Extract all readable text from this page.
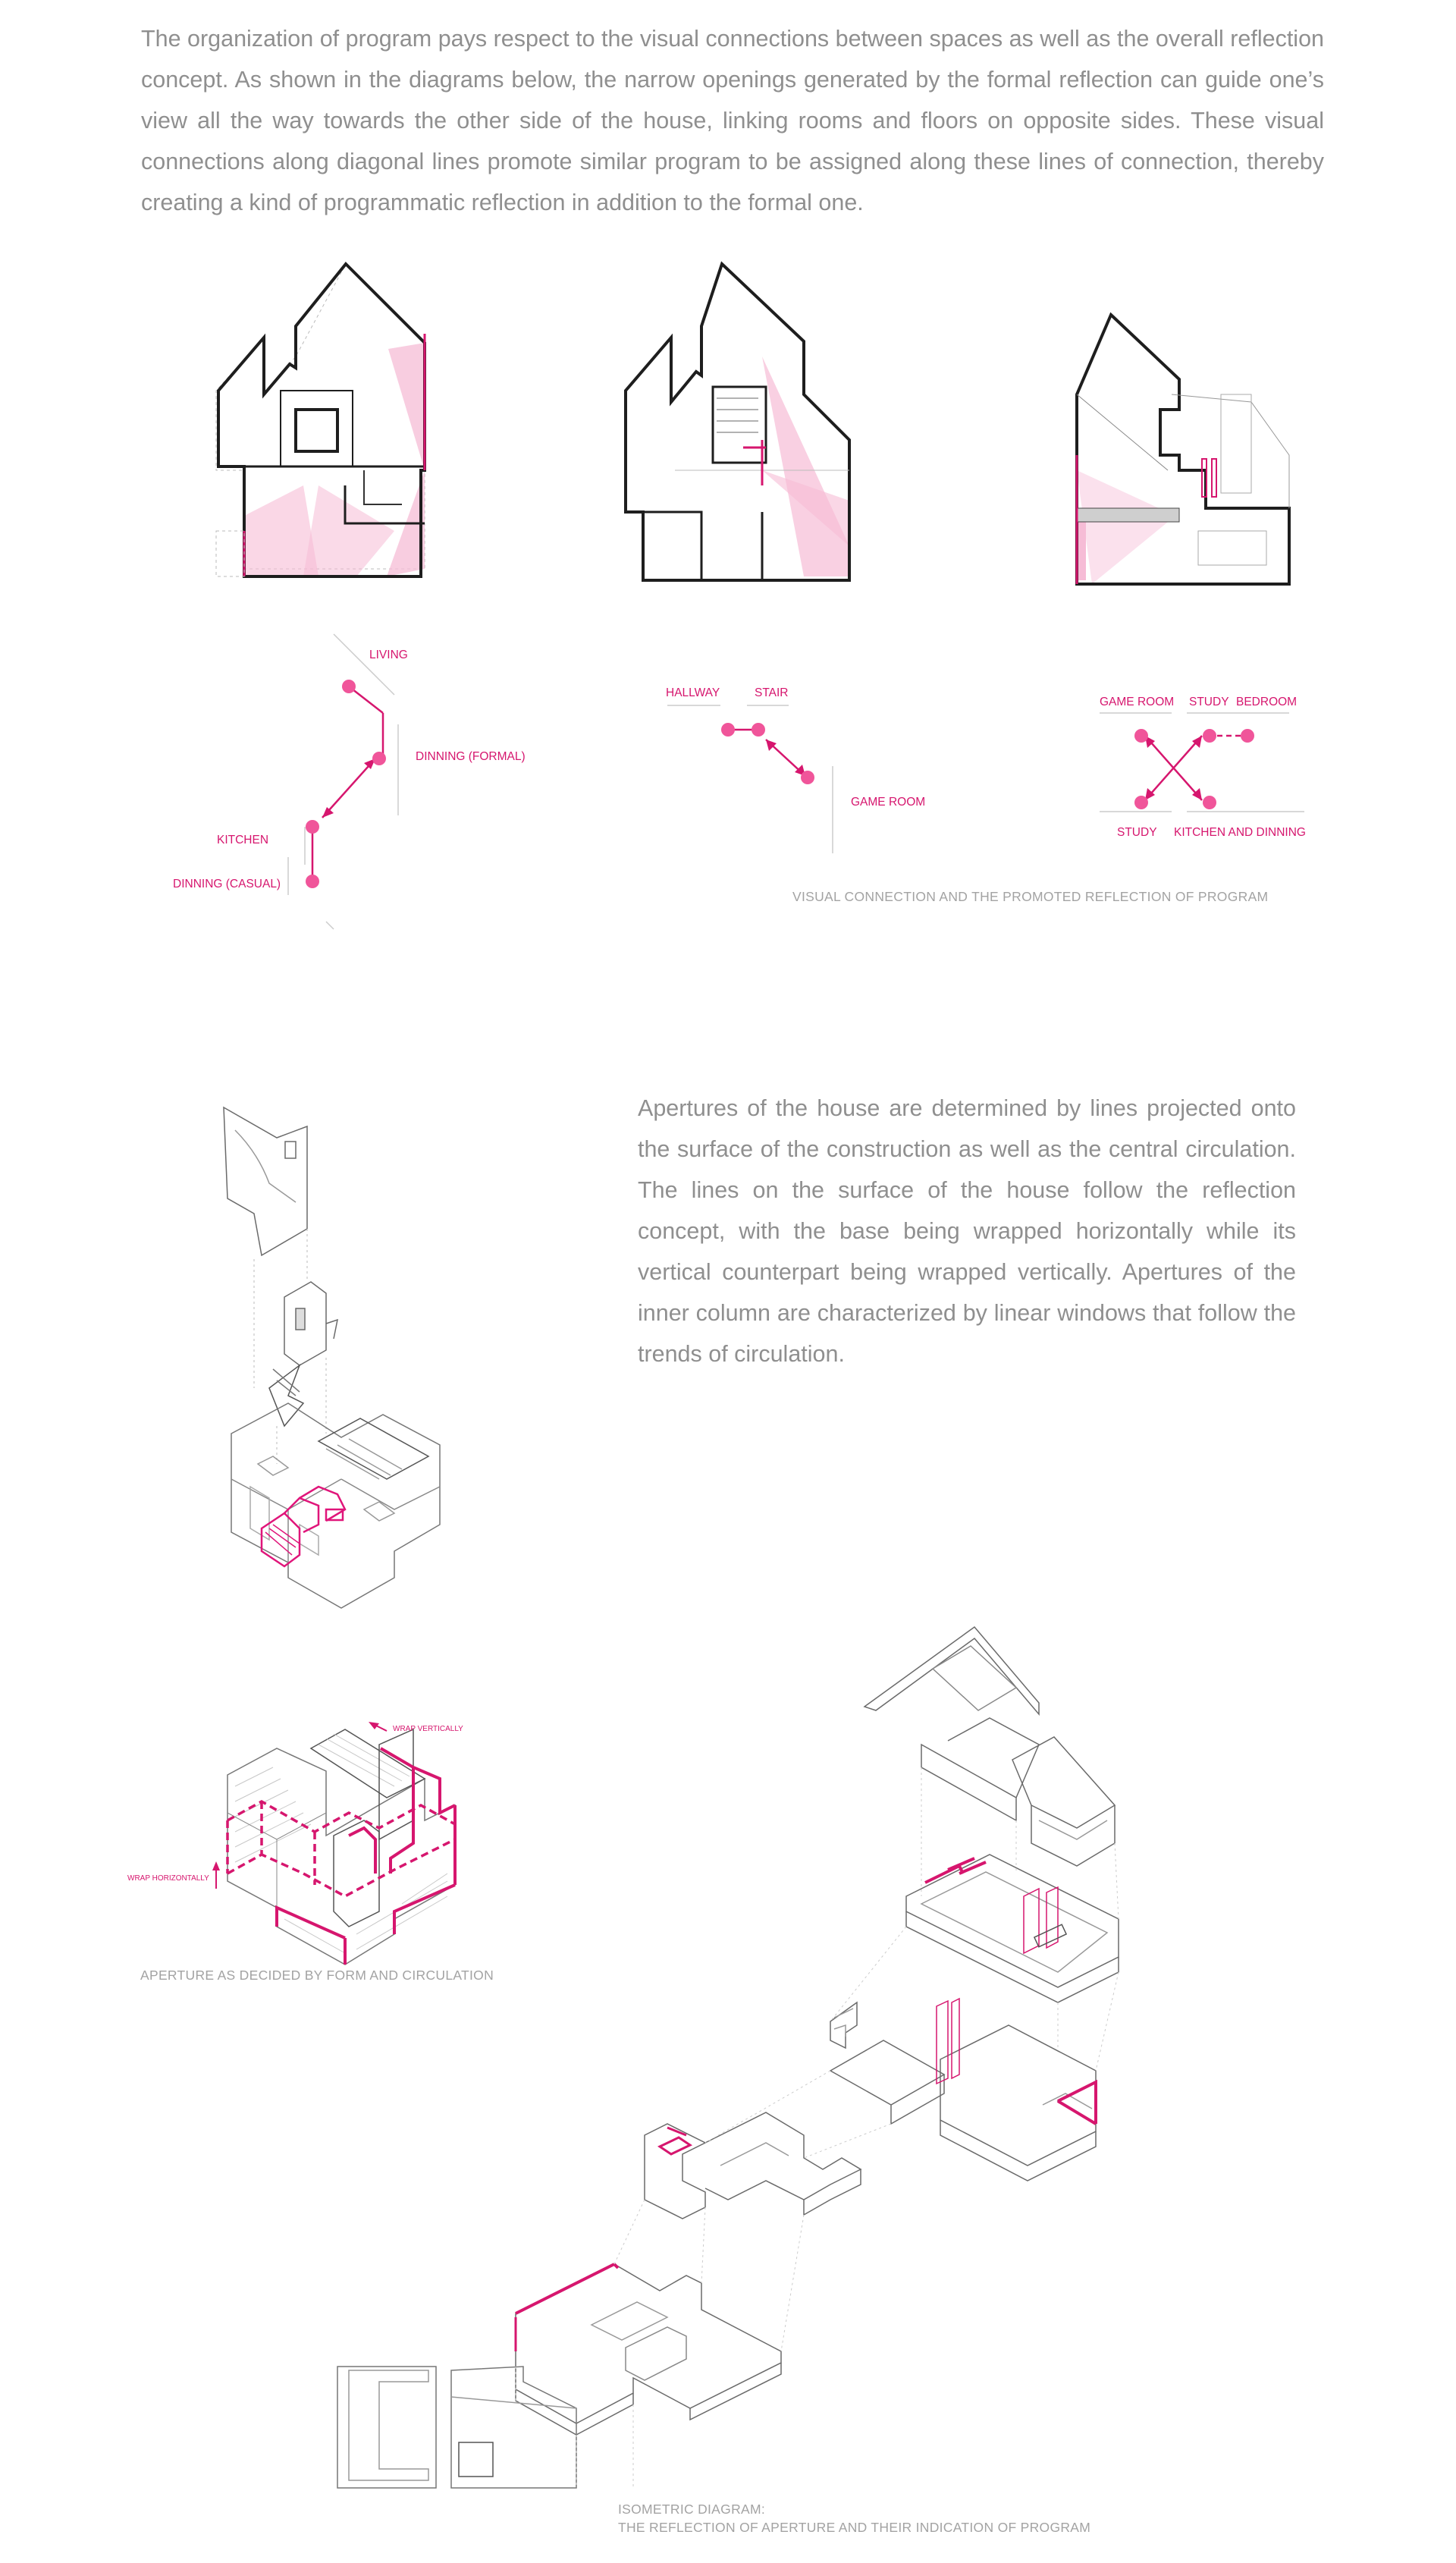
The organization of program pays respect to the visual connections between spaces as well as the overall reflection concept. As shown in the diagrams below, the narrow openings generated by the formal reflection can guide one’s view all the way towards the other side of the house, linking rooms and floors on opposite sides. These visual connections along diagonal lines promote similar program to be assigned along these lines of connection, thereby creating a kind of programmatic reflection in addition to the formal one.
LIVING
DINNING (FORMAL)
KITCHEN
DINNING (CASUAL)
HALLWAY	STAIR
GAME ROOM
GAME ROOM STUDY BEDROOM
STUDY KITCHEN AND DINNING
WRAP VERTICALLY
WRAP HORIZONTALLY
VISUAL CONNECTION AND THE PROMOTED REFLECTION OF PROGRAM
Apertures of the house are determined by lines projected onto the surface of the construction as well as the central circulation. The lines on the surface of the house follow the reflection concept, with the base being wrapped horizontally while its vertical counterpart being wrapped vertically. Apertures of the inner column are characterized by linear windows that follow the trends of circulation.
APERTURE AS DECIDED BY FORM AND CIRCULATION
ISOMETRIC DIAGRAM:
THE REFLECTION OF APERTURE AND THEIR INDICATION OF PROGRAM
